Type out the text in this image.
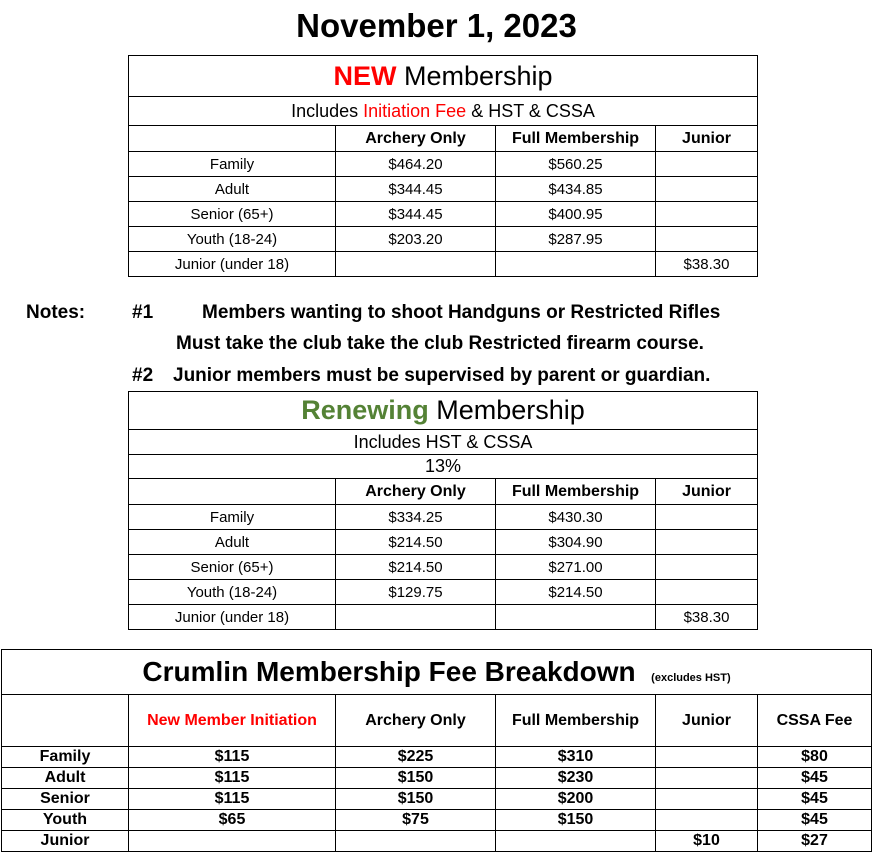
November 1, 2023
NEW Membership			
Includes Initiation Fee & HST & CSSA			
	Archery Only	Full Membership	Junior
Family	$464.20	$560.25	
Adult	$344.45	$434.85	
Senior (65+)	$344.45	$400.95	
Youth (18-24)	$203.20	$287.95	
Junior (under 18)			$38.30
Notes: #1	Members wanting to shoot Handguns or Restricted Rifles
Must take the club take the club Restricted firearm course.
#2 Junior members must be supervised by parent or guardian.
Renewing Membership			
Includes HST & CSSA			
13%			
	Archery Only	Full Membership	Junior
Family	$334.25	$430.30	
Adult	$214.50	$304.90	
Senior (65+)	$214.50	$271.00	
Youth (18-24)	$129.75	$214.50	
Junior (under 18)			$38.30
Crumlin Membership Fee Breakdown (excludes HST)					
	New Member Initiation	Archery Only	Full Membership	Junior	CSSA Fee
Family	$115	$225	$310		$80
Adult	$115	$150	$230		$45
Senior	$115	$150	$200		$45
Youth	$65	$75	$150		$45
Junior				$10	$27
